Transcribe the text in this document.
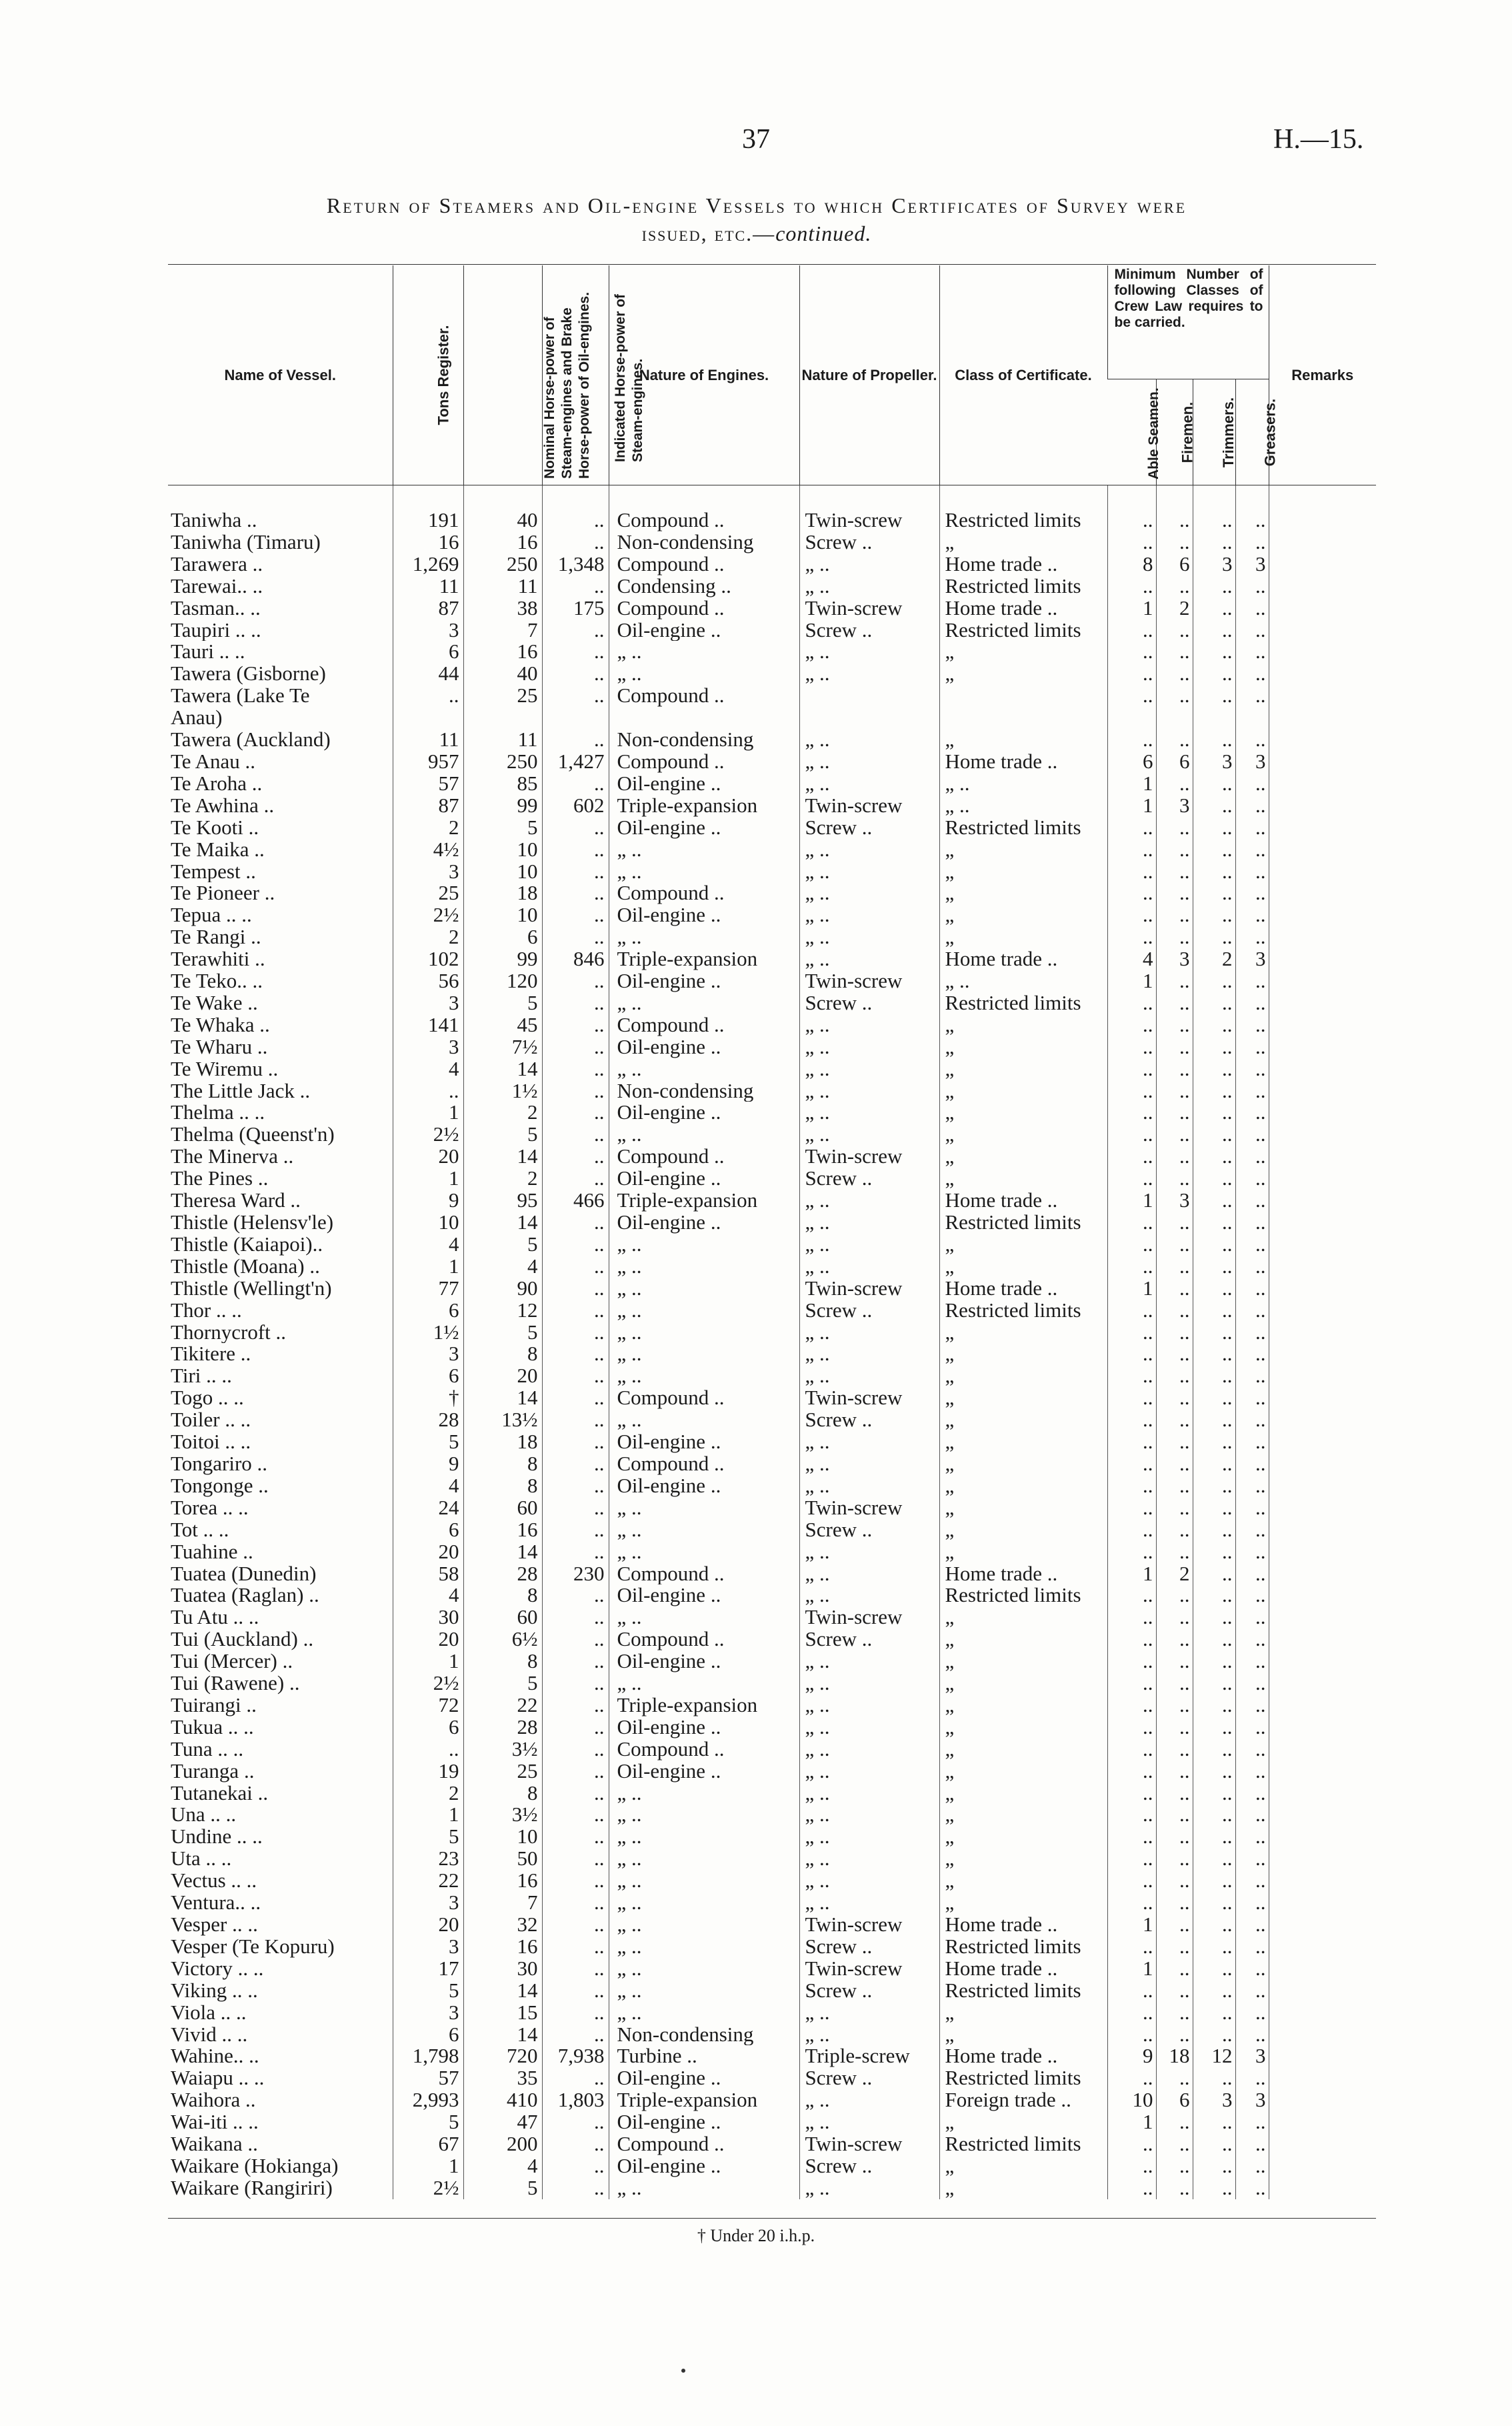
37	H.—15.
Return of Steamers and Oil-engine Vessels to which Certificates of Survey were
issued, etc.—continued.
Name of Vessel.	Tons Register.	Nominal Horse-power of Steam-engines and Brake Horse-power of Oil-engines.	Indicated Horse-power of Steam-engines.	Nature of Engines.	Nature of Propeller.	Class of Certificate.	Minimum Number of following Classes of Crew Law requires to be carried.				Remarks
							Able Seamen.	Firemen.	Trimmers.	Greasers.	

Taniwha ..	191	40	..	Compound ..	Twin-screw	Restricted limits	..	..	..	..	
Taniwha (Timaru)	16	16	..	Non-condensing	Screw ..	„	..	..	..	..	
Tarawera ..	1,269	250	1,348	Compound ..	„ ..	Home trade ..	8	6	3	3	
Tarewai.. ..	11	11	..	Condensing ..	„ ..	Restricted limits	..	..	..	..	
Tasman.. ..	87	38	175	Compound ..	Twin-screw	Home trade ..	1	2	..	..	
Taupiri .. ..	3	7	..	Oil-engine ..	Screw ..	Restricted limits	..	..	..	..	
Tauri .. ..	6	16	..	„ ..	„ ..	„	..	..	..	..	
Tawera (Gisborne)	44	40	..	„ ..	„ ..	„	..	..	..	..	
Tawera (Lake Te	..	25	..	Compound ..			..	..	..	..	
Anau)											
Tawera (Auckland)	11	11	..	Non-condensing	„ ..	„	..	..	..	..	
Te Anau ..	957	250	1,427	Compound ..	„ ..	Home trade ..	6	6	3	3	
Te Aroha ..	57	85	..	Oil-engine ..	„ ..	„ ..	1	..	..	..	
Te Awhina ..	87	99	602	Triple-expansion	Twin-screw	„ ..	1	3	..	..	
Te Kooti ..	2	5	..	Oil-engine ..	Screw ..	Restricted limits	..	..	..	..	
Te Maika ..	4½	10	..	„ ..	„ ..	„	..	..	..	..	
Tempest ..	3	10	..	„ ..	„ ..	„	..	..	..	..	
Te Pioneer ..	25	18	..	Compound ..	„ ..	„	..	..	..	..	
Tepua .. ..	2½	10	..	Oil-engine ..	„ ..	„	..	..	..	..	
Te Rangi ..	2	6	..	„ ..	„ ..	„	..	..	..	..	
Terawhiti ..	102	99	846	Triple-expansion	„ ..	Home trade ..	4	3	2	3	
Te Teko.. ..	56	120	..	Oil-engine ..	Twin-screw	„ ..	1	..	..	..	
Te Wake ..	3	5	..	„ ..	Screw ..	Restricted limits	..	..	..	..	
Te Whaka ..	141	45	..	Compound ..	„ ..	„	..	..	..	..	
Te Wharu ..	3	7½	..	Oil-engine ..	„ ..	„	..	..	..	..	
Te Wiremu ..	4	14	..	„ ..	„ ..	„	..	..	..	..	
The Little Jack ..	..	1½	..	Non-condensing	„ ..	„	..	..	..	..	
Thelma .. ..	1	2	..	Oil-engine ..	„ ..	„	..	..	..	..	
Thelma (Queenst'n)	2½	5	..	„ ..	„ ..	„	..	..	..	..	
The Minerva ..	20	14	..	Compound ..	Twin-screw	„	..	..	..	..	
The Pines ..	1	2	..	Oil-engine ..	Screw ..	„	..	..	..	..	
Theresa Ward ..	9	95	466	Triple-expansion	„ ..	Home trade ..	1	3	..	..	
Thistle (Helensv'le)	10	14	..	Oil-engine ..	„ ..	Restricted limits	..	..	..	..	
Thistle (Kaiapoi)..	4	5	..	„ ..	„ ..	„	..	..	..	..	
Thistle (Moana) ..	1	4	..	„ ..	„ ..	„	..	..	..	..	
Thistle (Wellingt'n)	77	90	..	„ ..	Twin-screw	Home trade ..	1	..	..	..	
Thor .. ..	6	12	..	„ ..	Screw ..	Restricted limits	..	..	..	..	
Thornycroft ..	1½	5	..	„ ..	„ ..	„	..	..	..	..	
Tikitere ..	3	8	..	„ ..	„ ..	„	..	..	..	..	
Tiri .. ..	6	20	..	„ ..	„ ..	„	..	..	..	..	
Togo .. ..	†	14	..	Compound ..	Twin-screw	„	..	..	..	..	
Toiler .. ..	28	13½	..	„ ..	Screw ..	„	..	..	..	..	
Toitoi .. ..	5	18	..	Oil-engine ..	„ ..	„	..	..	..	..	
Tongariro ..	9	8	..	Compound ..	„ ..	„	..	..	..	..	
Tongonge ..	4	8	..	Oil-engine ..	„ ..	„	..	..	..	..	
Torea .. ..	24	60	..	„ ..	Twin-screw	„	..	..	..	..	
Tot .. ..	6	16	..	„ ..	Screw ..	„	..	..	..	..	
Tuahine ..	20	14	..	„ ..	„ ..	„	..	..	..	..	
Tuatea (Dunedin)	58	28	230	Compound ..	„ ..	Home trade ..	1	2	..	..	
Tuatea (Raglan) ..	4	8	..	Oil-engine ..	„ ..	Restricted limits	..	..	..	..	
Tu Atu .. ..	30	60	..	„ ..	Twin-screw	„	..	..	..	..	
Tui (Auckland) ..	20	6½	..	Compound ..	Screw ..	„	..	..	..	..	
Tui (Mercer) ..	1	8	..	Oil-engine ..	„ ..	„	..	..	..	..	
Tui (Rawene) ..	2½	5	..	„ ..	„ ..	„	..	..	..	..	
Tuirangi ..	72	22	..	Triple-expansion	„ ..	„	..	..	..	..	
Tukua .. ..	6	28	..	Oil-engine ..	„ ..	„	..	..	..	..	
Tuna .. ..	..	3½	..	Compound ..	„ ..	„	..	..	..	..	
Turanga ..	19	25	..	Oil-engine ..	„ ..	„	..	..	..	..	
Tutanekai ..	2	8	..	„ ..	„ ..	„	..	..	..	..	
Una .. ..	1	3½	..	„ ..	„ ..	„	..	..	..	..	
Undine .. ..	5	10	..	„ ..	„ ..	„	..	..	..	..	
Uta .. ..	23	50	..	„ ..	„ ..	„	..	..	..	..	
Vectus .. ..	22	16	..	„ ..	„ ..	„	..	..	..	..	
Ventura.. ..	3	7	..	„ ..	„ ..	„	..	..	..	..	
Vesper .. ..	20	32	..	„ ..	Twin-screw	Home trade ..	1	..	..	..	
Vesper (Te Kopuru)	3	16	..	„ ..	Screw ..	Restricted limits	..	..	..	..	
Victory .. ..	17	30	..	„ ..	Twin-screw	Home trade ..	1	..	..	..	
Viking .. ..	5	14	..	„ ..	Screw ..	Restricted limits	..	..	..	..	
Viola .. ..	3	15	..	„ ..	„ ..	„	..	..	..	..	
Vivid .. ..	6	14	..	Non-condensing	„ ..	„	..	..	..	..	
Wahine.. ..	1,798	720	7,938	Turbine ..	Triple-screw	Home trade ..	9	18	12	3	
Waiapu .. ..	57	35	..	Oil-engine ..	Screw ..	Restricted limits	..	..	..	..	
Waihora ..	2,993	410	1,803	Triple-expansion	„ ..	Foreign trade ..	10	6	3	3	
Wai-iti .. ..	5	47	..	Oil-engine ..	„ ..	„	1	..	..	..	
Waikana ..	67	200	..	Compound ..	Twin-screw	Restricted limits	..	..	..	..	
Waikare (Hokianga)	1	4	..	Oil-engine ..	Screw ..	„	..	..	..	..	
Waikare (Rangiriri)	2½	5	..	„ ..	„ ..	„	..	..	..	..	
† Under 20 i.h.p.
